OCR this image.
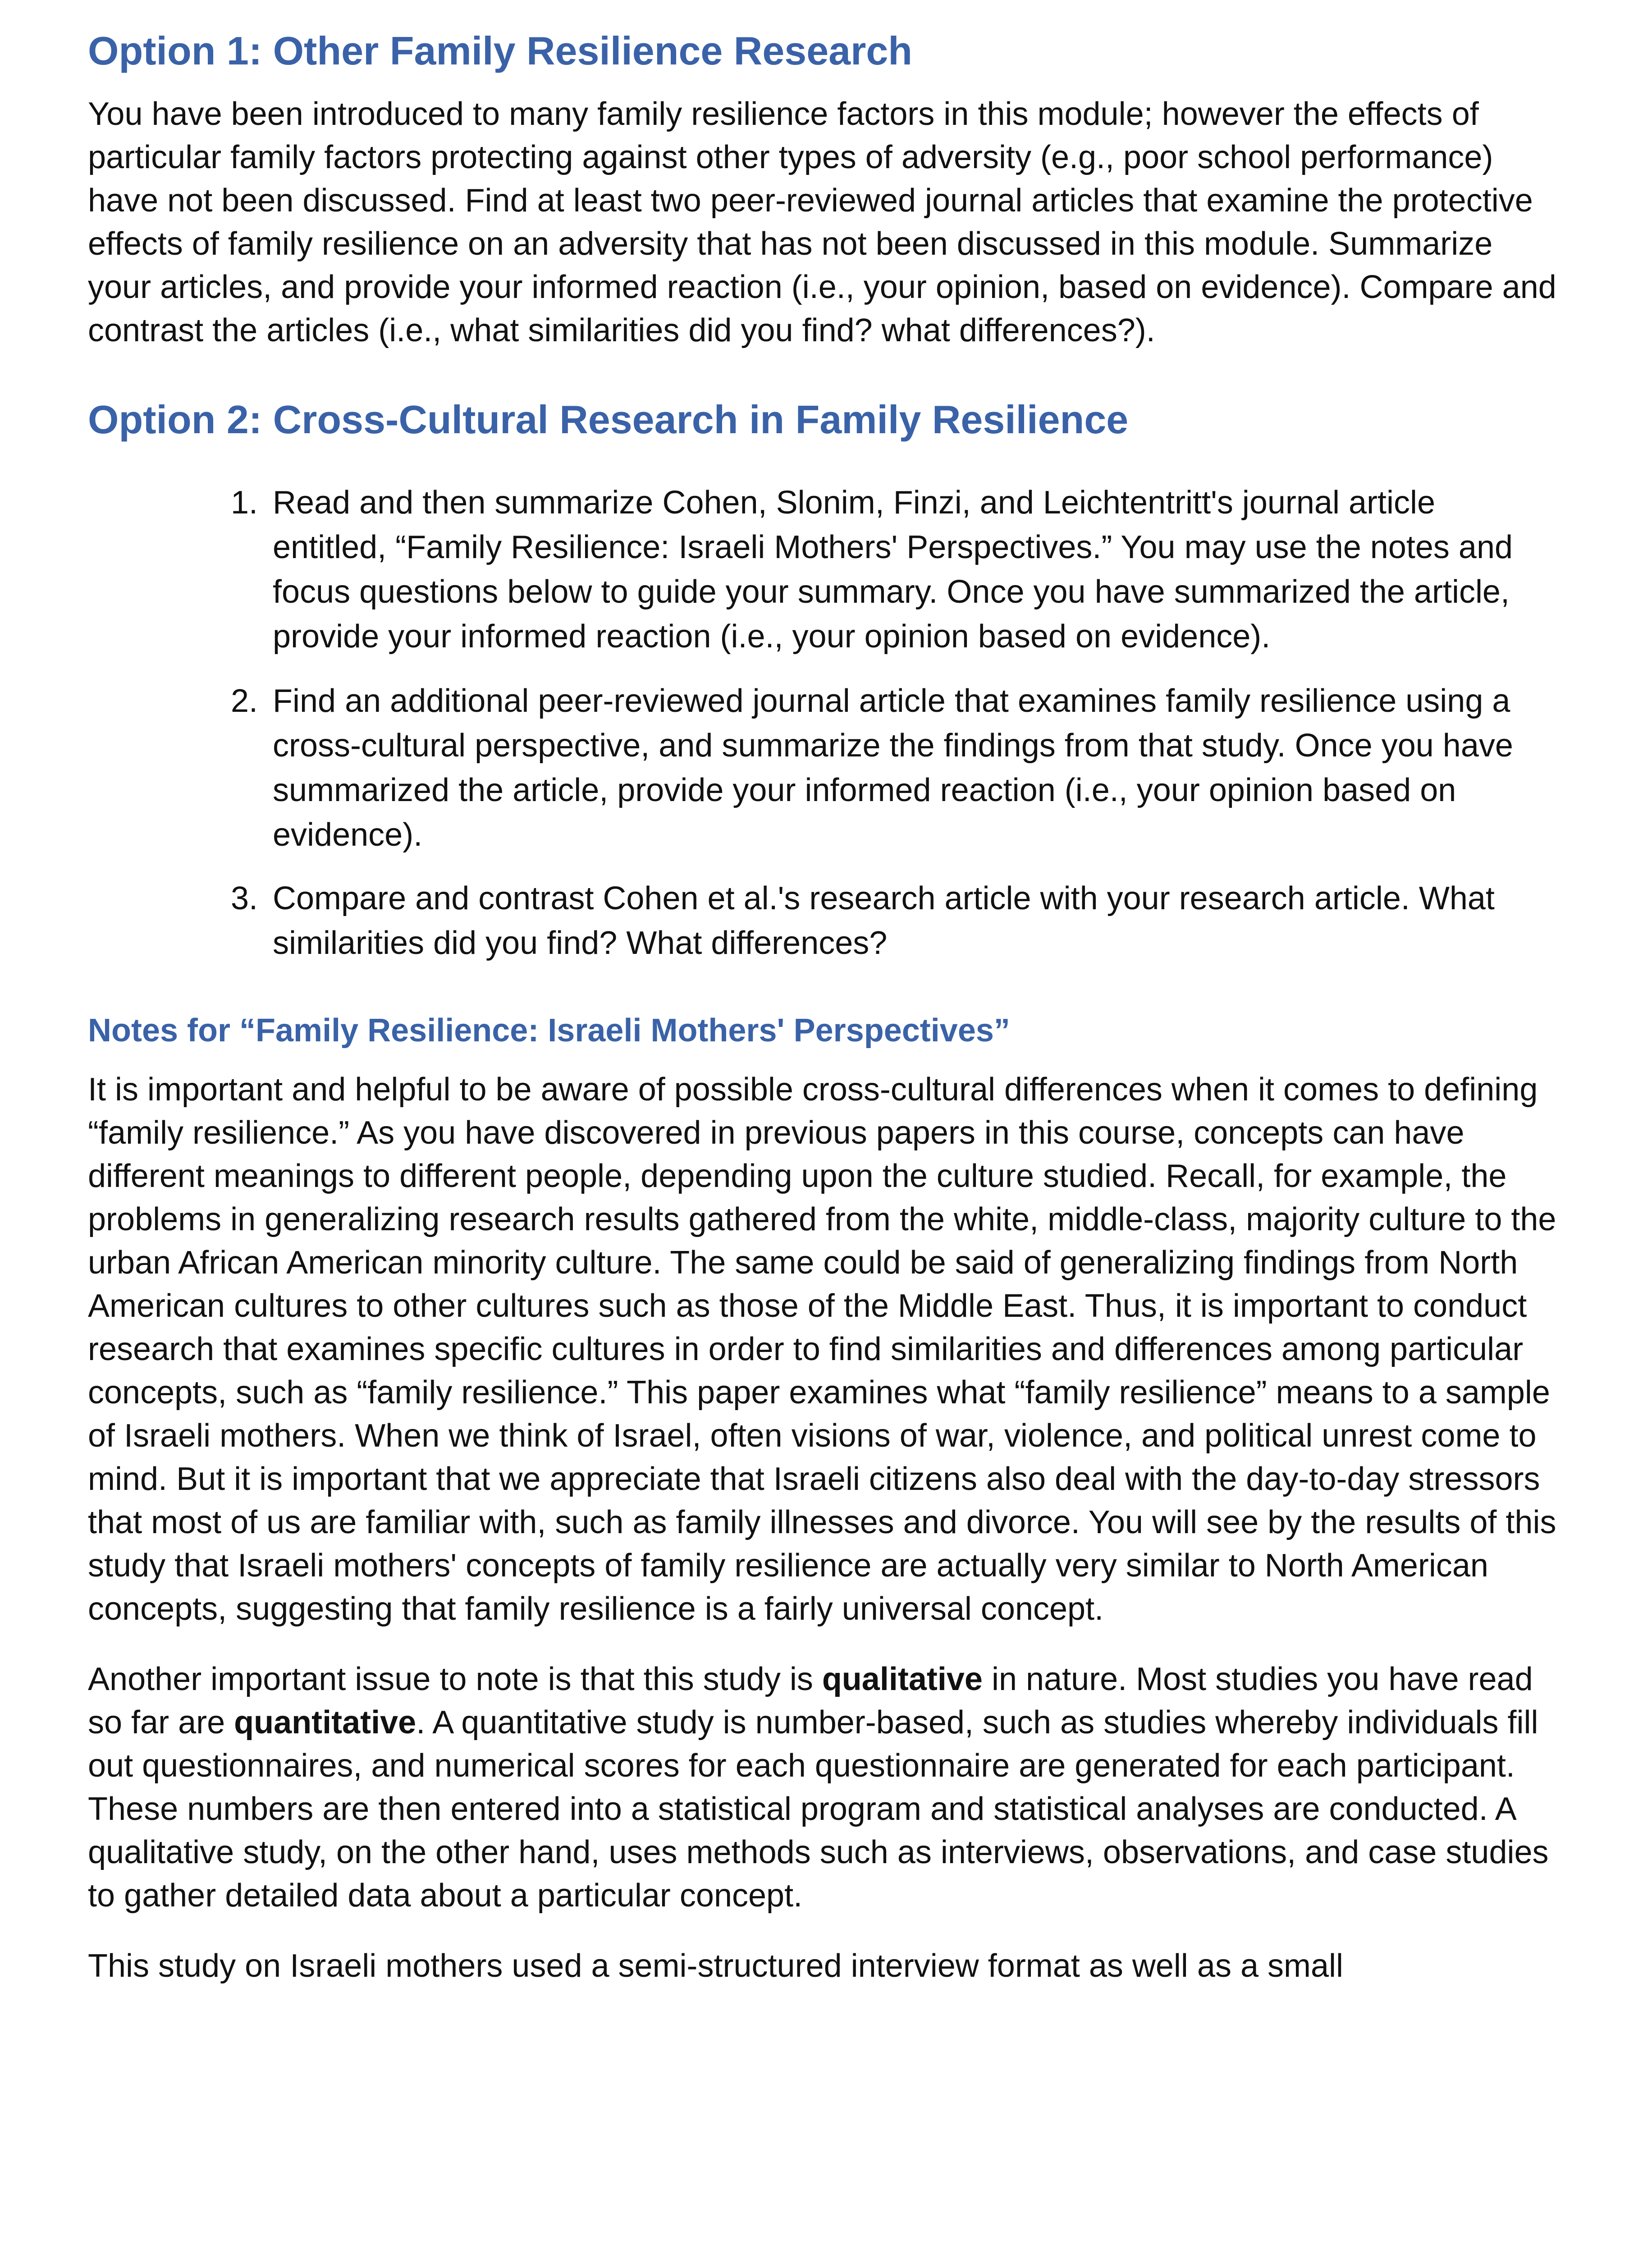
Option 1: Other Family Resilience Research

You have been introduced to many family resilience factors in this module; however the effects of particular family factors protecting against other types of adversity (e.g., poor school performance) have not been discussed. Find at least two peer-reviewed journal articles that examine the protective effects of family resilience on an adversity that has not been discussed in this module. Summarize your articles, and provide your informed reaction (i.e., your opinion, based on evidence). Compare and contrast the articles (i.e., what similarities did you find? what differences?).

Option 2: Cross-Cultural Research in Family Resilience
1. Read and then summarize Cohen, Slonim, Finzi, and Leichtentritt's journal article entitled, “Family Resilience: Israeli Mothers' Perspectives.” You may use the notes and focus questions below to guide your summary. Once you have summarized the article, provide your informed reaction (i.e., your opinion based on evidence).
2. Find an additional peer-reviewed journal article that examines family resilience using a cross-cultural perspective, and summarize the findings from that study. Once you have summarized the article, provide your informed reaction (i.e., your opinion based on evidence).
3. Compare and contrast Cohen et al.'s research article with your research article. What similarities did you find? What differences?
Notes for “Family Resilience: Israeli Mothers' Perspectives”

It is important and helpful to be aware of possible cross-cultural differences when it comes to defining “family resilience.” As you have discovered in previous papers in this course, concepts can have different meanings to different people, depending upon the culture studied. Recall, for example, the problems in generalizing research results gathered from the white, middle-class, majority culture to the urban African American minority culture. The same could be said of generalizing findings from North American cultures to other cultures such as those of the Middle East. Thus, it is important to conduct research that examines specific cultures in order to find similarities and differences among particular concepts, such as “family resilience.” This paper examines what “family resilience” means to a sample of Israeli mothers. When we think of Israel, often visions of war, violence, and political unrest come to mind. But it is important that we appreciate that Israeli citizens also deal with the day-to-day stressors that most of us are familiar with, such as family illnesses and divorce. You will see by the results of this study that Israeli mothers' concepts of family resilience are actually very similar to North American concepts, suggesting that family resilience is a fairly universal concept.

Another important issue to note is that this study is qualitative in nature. Most studies you have read so far are quantitative. A quantitative study is number-based, such as studies whereby individuals fill out questionnaires, and numerical scores for each questionnaire are generated for each participant. These numbers are then entered into a statistical program and statistical analyses are conducted. A qualitative study, on the other hand, uses methods such as interviews, observations, and case studies to gather detailed data about a particular concept.

This study on Israeli mothers used a semi-structured interview format as well as a small
